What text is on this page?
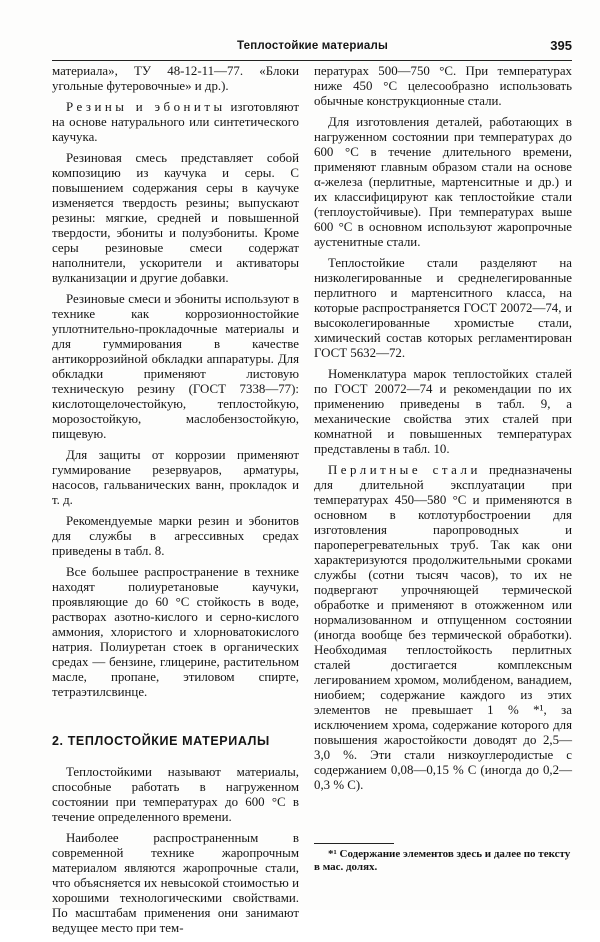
Теплостойкие материалы	395

материала», ТУ 48-12-11—77. «Блоки угольные футеровочные» и др.).

Резины и эбониты изготовляют на основе натурального или синтетического каучука.

Резиновая смесь представляет собой композицию из каучука и серы. С повышением содержания серы в каучуке изменяется твердость резины; выпускают резины: мягкие, средней и повышенной твердости, эбониты и полуэбониты. Кроме серы резиновые смеси содержат наполнители, ускорители и активаторы вулканизации и другие добавки.

Резиновые смеси и эбониты используют в технике как коррозионностойкие уплотнительно-прокладочные материалы и для гуммирования в качестве антикоррозийной обкладки аппаратуры. Для обкладки применяют листовую техническую резину (ГОСТ 7338—77): кислотощелочестойкую, теплостойкую, морозостойкую, маслобензостойкую, пищевую.

Для защиты от коррозии применяют гуммирование резервуаров, арматуры, насосов, гальванических ванн, прокладок и т. д.

Рекомендуемые марки резин и эбонитов для службы в агрессивных средах приведены в табл. 8.

Все большее распространение в технике находят полиуретановые каучуки, проявляющие до 60 °С стойкость в воде, растворах азотно-кислого и серно-кислого аммония, хлористого и хлорноватокислого натрия. Полиуретан стоек в органических средах — бензине, глицерине, растительном масле, пропане, этиловом спирте, тетраэтилсвинце.

2. ТЕПЛОСТОЙКИЕ МАТЕРИАЛЫ

Теплостойкими называют материалы, способные работать в нагруженном состоянии при температурах до 600 °С в течение определенного времени.

Наиболее распространенным в современной технике жаропрочным материалом являются жаропрочные стали, что объясняется их невысокой стоимостью и хорошими технологическими свойствами. По масштабам применения они занимают ведущее место при тем-

пературах 500—750 °С. При температурах ниже 450 °С целесообразно использовать обычные конструкционные стали.

Для изготовления деталей, работающих в нагруженном состоянии при температурах до 600 °С в течение длительного времени, применяют главным образом стали на основе α-железа (перлитные, мартенситные и др.) и их классифицируют как теплостойкие стали (теплоустойчивые). При температурах выше 600 °С в основном используют жаропрочные аустенитные стали.

Теплостойкие стали разделяют на низколегированные и среднелегированные перлитного и мартенситного класса, на которые распространяется ГОСТ 20072—74, и высоколегированные хромистые стали, химический состав которых регламентирован ГОСТ 5632—72.

Номенклатура марок теплостойких сталей по ГОСТ 20072—74 и рекомендации по их применению приведены в табл. 9, а механические свойства этих сталей при комнатной и повышенных температурах представлены в табл. 10.

Перлитные стали предназначены для длительной эксплуатации при температурах 450—580 °С и применяются в основном в котлотурбостроении для изготовления паропроводных и пароперегревательных труб. Так как они характеризуются продолжительными сроками службы (сотни тысяч часов), то их не подвергают упрочняющей термической обработке и применяют в отожженном или нормализованном и отпущенном состоянии (иногда вообще без термической обработки). Необходимая теплостойкость перлитных сталей достигается комплексным легированием хромом, молибденом, ванадием, ниобием; содержание каждого из этих элементов не превышает 1 % *¹, за исключением хрома, содержание которого для повышения жаростойкости доводят до 2,5—3,0 %. Эти стали низкоуглеродистые с содержанием 0,08—0,15 % С (иногда до 0,2—0,3 % С).

*¹ Содержание элементов здесь и далее по тексту в мас. долях.
